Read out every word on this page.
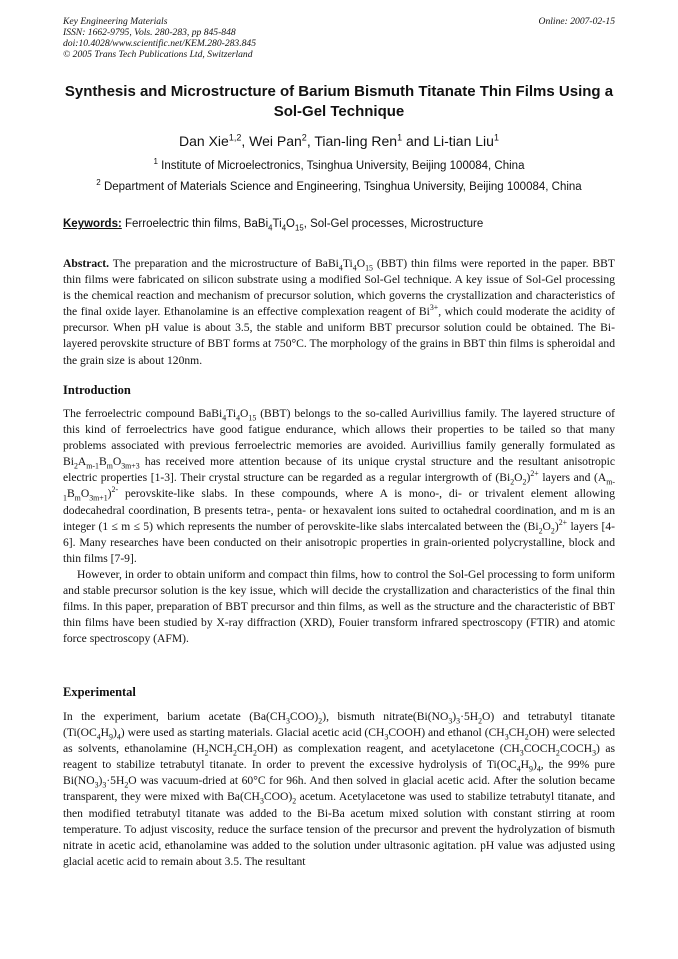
Key Engineering Materials
ISSN: 1662-9795, Vols. 280-283, pp 845-848
doi:10.4028/www.scientific.net/KEM.280-283.845
© 2005 Trans Tech Publications Ltd, Switzerland
Online: 2007-02-15
Synthesis and Microstructure of Barium Bismuth Titanate Thin Films Using a Sol-Gel Technique
Dan Xie$^{1,2}$, Wei Pan$^2$, Tian-ling Ren$^1$ and Li-tian Liu$^1$
$^1$ Institute of Microelectronics, Tsinghua University, Beijing 100084, China
$^2$ Department of Materials Science and Engineering, Tsinghua University, Beijing 100084, China
Keywords: Ferroelectric thin films, $BaBi_4Ti_4O_{15}$, Sol-Gel processes, Microstructure

Abstract. The preparation and the microstructure of $BaBi_4Ti_4O_{15}$ (BBT) thin films were reported in the paper. BBT thin films were fabricated on silicon substrate using a modified Sol-Gel technique. A key issue of Sol-Gel processing is the chemical reaction and mechanism of precursor solution, which governs the crystallization and characteristics of the final oxide layer. Ethanolamine is an effective complexation reagent of $Bi^{3+}$, which could moderate the acidity of precursor. When pH value is about 3.5, the stable and uniform BBT precursor solution could be obtained. The Bi-layered perovskite structure of BBT forms at 750°C. The morphology of the grains in BBT thin films is spheroidal and the grain size is about 120nm.

Introduction

The ferroelectric compound $BaBi_4Ti_4O_{15}$ (BBT) belongs to the so-called Aurivillius family. The layered structure of this kind of ferroelectrics have good fatigue endurance, which allows their properties to be tailed so that many problems associated with previous ferroelectric memories are avoided. Aurivillius family generally formulated as $Bi_2A_{m-1}B_mO_{3m+3}$ has received more attention because of its unique crystal structure and the resultant anisotropic electric properties [1-3]. Their crystal structure can be regarded as a regular intergrowth of $(Bi_2O_2)^{2+}$ layers and $(A_{m-1}B_mO_{3m+1})^{2-}$ perovskite-like slabs. In these compounds, where A is mono-, di- or trivalent element allowing dodecahedral coordination, B presents tetra-, penta- or hexavalent ions suited to octahedral coordination, and m is an integer (1 ≤ m ≤ 5) which represents the number of perovskite-like slabs intercalated between the $(Bi_2O_2)^{2+}$ layers [4-6]. Many researches have been conducted on their anisotropic properties in grain-oriented polycrystalline, block and thin films [7-9].

However, in order to obtain uniform and compact thin films, how to control the Sol-Gel processing to form uniform and stable precursor solution is the key issue, which will decide the crystallization and characteristics of the final thin films. In this paper, preparation of BBT precursor and thin films, as well as the structure and the characteristic of BBT thin films have been studied by X-ray diffraction (XRD), Fouier transform infrared spectroscopy (FTIR) and atomic force spectroscopy (AFM).

Experimental

In the experiment, barium acetate $(Ba(CH_3COO)_2)$, bismuth $nitrate(Bi(NO_3)_3\cdot 5H_2O)$ and tetrabutyl titanate $(Ti(OC_4H_9)_4)$ were used as starting materials. Glacial acetic acid $(CH_3COOH)$ and ethanol $(CH_3CH_2OH)$ were selected as solvents, ethanolamine $(H_2NCH_2CH_2OH)$ as complexation reagent, and acetylacetone $(CH_3COCH_2COCH_3)$ as reagent to stabilize tetrabutyl titanate. In order to prevent the excessive hydrolysis of $Ti(OC_4H_9)_4$, the 99% pure $Bi(NO_3)_3\cdot 5H_2O$ was vacuum-dried at 60°C for 96h. And then solved in glacial acetic acid. After the solution became transparent, they were mixed with $Ba(CH_3COO)_2$ acetum. Acetylacetone was used to stabilize tetrabutyl titanate, and then modified tetrabutyl titanate was added to the Bi-Ba acetum mixed solution with constant stirring at room temperature. To adjust viscosity, reduce the surface tension of the precursor and prevent the hydrolyzation of bismuth nitrate in acetic acid, ethanolamine was added to the solution under ultrasonic agitation. pH value was adjusted using glacial acetic acid to remain about 3.5. The resultant
